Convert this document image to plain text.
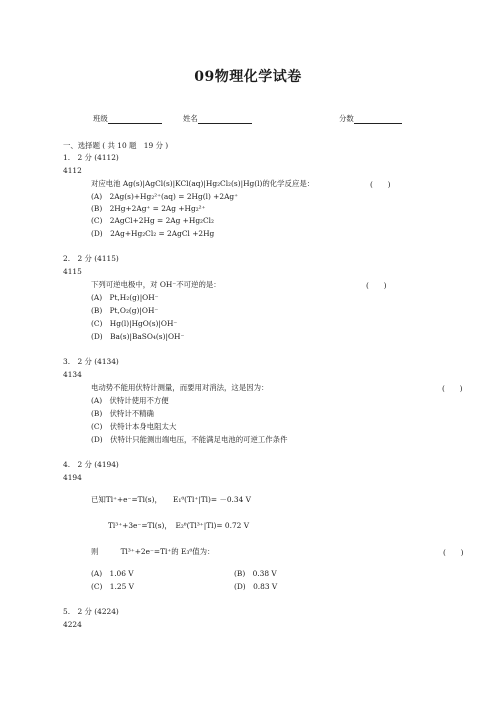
09物理化学试卷
班级	姓名	分数
一、选择题 ( 共 10 题　19 分 )
1.　2 分 (4112)
4112
对应电池 Ag(s)|AgCl(s)|KCl(aq)|Hg₂Cl₂(s)|Hg(l)的化学反应是：	(　　)
(A)　2Ag(s)+Hg₂²⁺(aq) = 2Hg(l) +2Ag⁺
(B)　2Hg+2Ag⁺ = 2Ag +Hg₂²⁺
(C)　2AgCl+2Hg = 2Ag +Hg₂Cl₂
(D)　2Ag+Hg₂Cl₂ = 2AgCl +2Hg
2.　2 分 (4115)
4115
下列可逆电极中，对 OH⁻不可逆的是：	(　　)
(A)　Pt,H₂(g)|OH⁻
(B)　Pt,O₂(g)|OH⁻
(C)　Hg(l)|HgO(s)|OH⁻
(D)　Ba(s)|BaSO₄(s)|OH⁻
3.　2 分 (4134)
4134
电动势不能用伏特计测量，而要用对消法，这是因为：	(　　)
(A)　伏特计使用不方便
(B)　伏特计不精确
(C)　伏特计本身电阻太大
(D)　伏特计只能测出端电压，不能满足电池的可逆工作条件
4.　2 分 (4194)
4194
已知Tl⁺+e⁻=Tl(s)，　　E₁ᶿ(Tl⁺|Tl)= －0.34 V
Tl³⁺+3e⁻=Tl(s)，　E₂ᶿ(Tl³⁺|Tl)= 0.72 V
则　　　Tl³⁺+2e⁻=Tl⁺的 E₃ᶿ值为：	(　　)
(A)　1.06 V	(B)　0.38 V
(C)　1.25 V	(D)　0.83 V
5.　2 分 (4224)
4224
